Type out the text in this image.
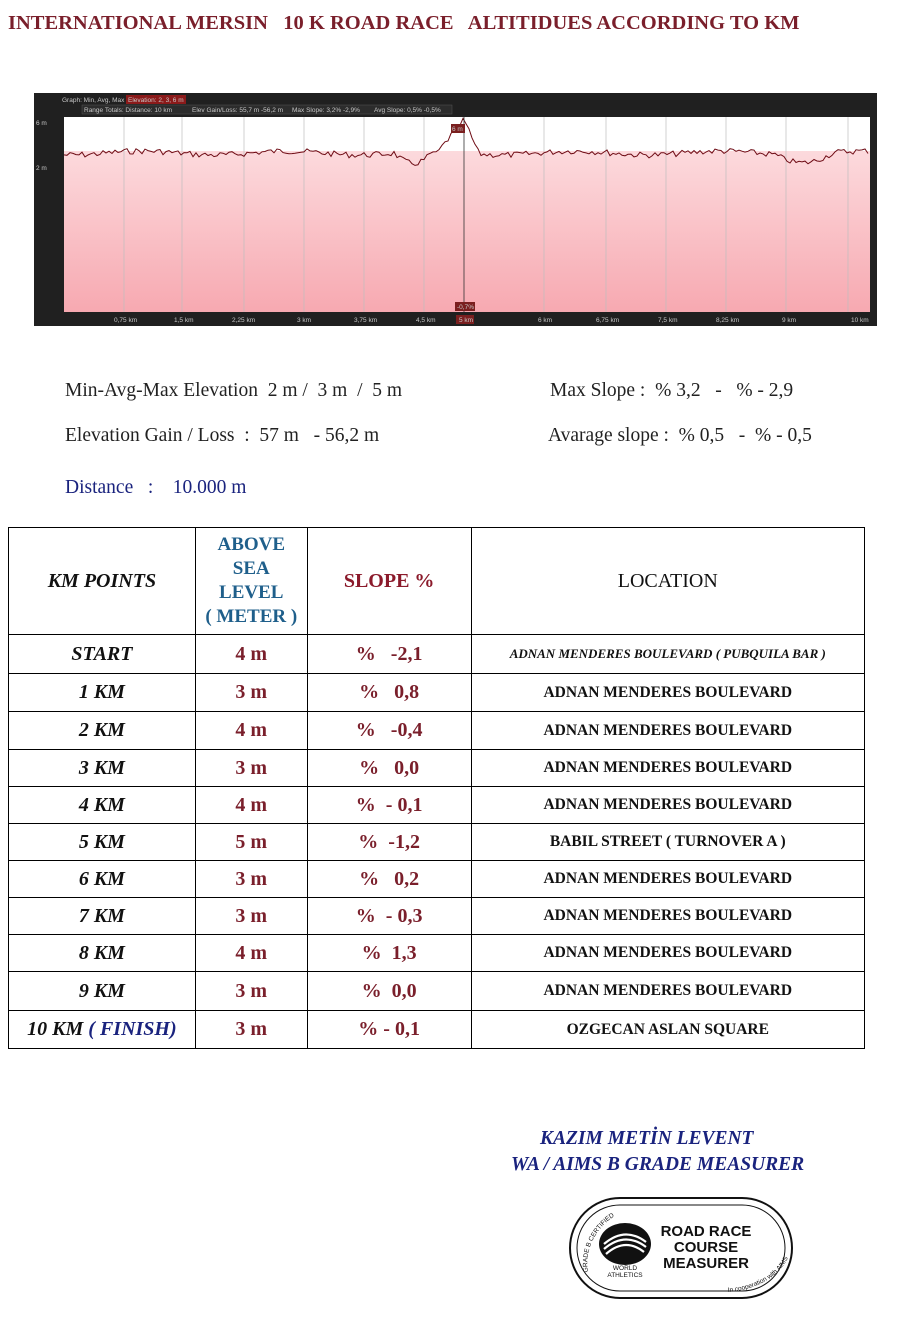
INTERNATIONAL MERSIN   10 K ROAD RACE   ALTITIDUES ACCORDING TO KM
Graph: Min, Avg, Max Elevation: 2, 3, 6 m
Range Totals: Distance: 10 km	Elev Gain/Loss: 55,7 m -56,2 m Max Slope: 3,2% -2,9% Avg Slope: 0,5% -0,5%
6 m
2 m
6 m
-0,7%
0,75 km	1,5 km	2,25 km	3 km	3,75 km	4,5 km	5 km	6 km	6,75 km	7,5 km	8,25 km	9 km	10 km
Min-Avg-Max Elevation  2 m /  3 m  /  5 m	Max Slope :  % 3,2   -   % - 2,9
Elevation Gain / Loss  :  57 m   - 56,2 m	Avarage slope :  % 0,5   -  % - 0,5
Distance   :    10.000 m
KM POINTS	ABOVE
SEA
LEVEL
( METER )	SLOPE %	LOCATION
START	4 m	%   -2,1	ADNAN MENDERES BOULEVARD ( PUBQUILA BAR )
1 KM	3 m	%   0,8	ADNAN MENDERES BOULEVARD
2 KM	4 m	%   -0,4	ADNAN MENDERES BOULEVARD
3 KM	3 m	%   0,0	ADNAN MENDERES BOULEVARD
4 KM	4 m	%  - 0,1	ADNAN MENDERES BOULEVARD
5 KM	5 m	%  -1,2	BABIL STREET ( TURNOVER A )
6 KM	3 m	%   0,2	ADNAN MENDERES BOULEVARD
7 KM	3 m	%  - 0,3	ADNAN MENDERES BOULEVARD
8 KM	4 m	%  1,3	ADNAN MENDERES BOULEVARD
9 KM	3 m	%  0,0	ADNAN MENDERES BOULEVARD
10 KM ( FINISH)	3 m	% - 0,1	OZGECAN ASLAN SQUARE
KAZIM METİN LEVENT
WA / AIMS B GRADE MEASURER
GRADE B CERTIFIED
In cooperation with AIMS
WORLD
ATHLETICS
ROAD RACE
COURSE
MEASURER
